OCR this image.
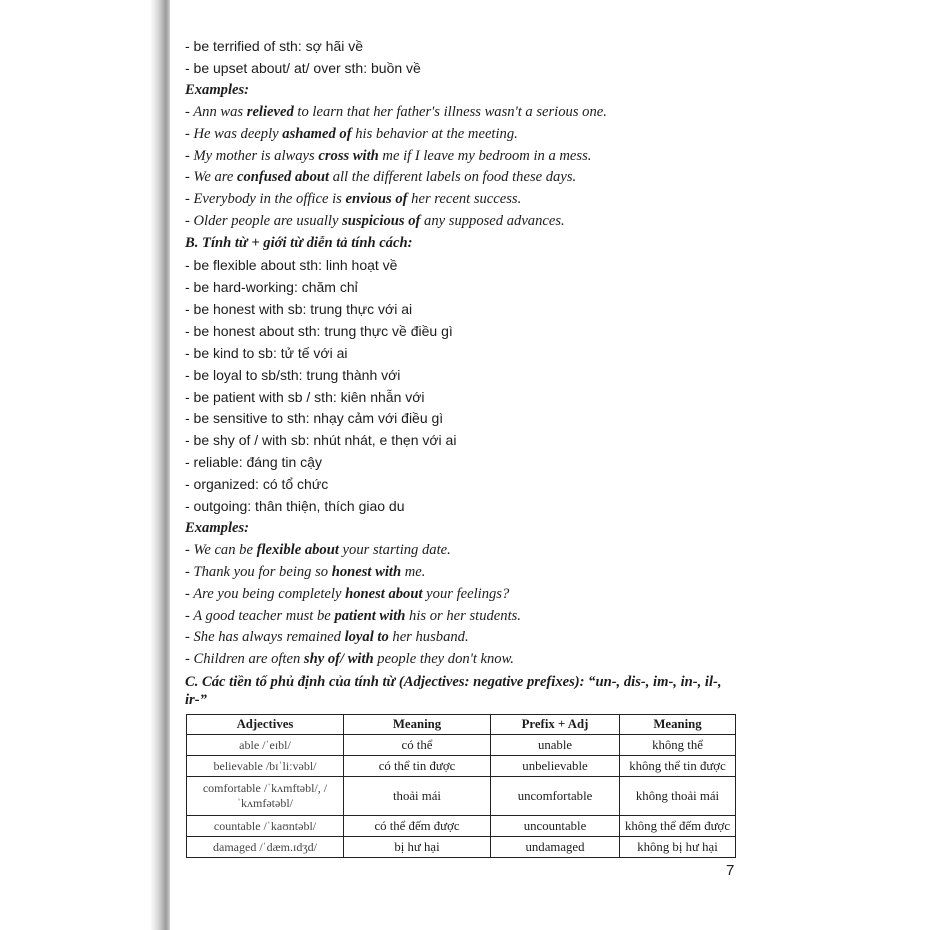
- be terrified of sth: sợ hãi về
- be upset about/ at/ over sth: buồn về
Examples:
- Ann was relieved to learn that her father's illness wasn't a serious one.
- He was deeply ashamed of his behavior at the meeting.
- My mother is always cross with me if I leave my bedroom in a mess.
- We are confused about all the different labels on food these days.
- Everybody in the office is envious of her recent success.
- Older people are usually suspicious of any supposed advances.
B. Tính từ + giới từ diễn tả tính cách:
- be flexible about sth: linh hoạt về
- be hard-working: chăm chỉ
- be honest with sb: trung thực với ai
- be honest about sth: trung thực về điều gì
- be kind to sb: tử tế với ai
- be loyal to sb/sth: trung thành với
- be patient with sb / sth: kiên nhẫn với
- be sensitive to sth: nhạy cảm với điều gì
- be shy of / with sb: nhút nhát, e thẹn với ai
- reliable: đáng tin cậy
- organized: có tổ chức
- outgoing: thân thiện, thích giao du
Examples:
- We can be flexible about your starting date.
- Thank you for being so honest with me.
- Are you being completely honest about your feelings?
- A good teacher must be patient with his or her students.
- She has always remained loyal to her husband.
- Children are often shy of/ with people they don't know.
C. Các tiền tố phủ định của tính từ (Adjectives: negative prefixes): “un-, dis-, im-, in-, il-, ir-”
Adjectives	Meaning	Prefix + Adj	Meaning
able /ˈeɪbl/	có thể	unable	không thể
believable /bɪˈliːvəbl/	có thể tin được	unbelievable	không thể tin được
comfortable /ˈkʌmftəbl/, /ˈkʌmfətəbl/	thoải mái	uncomfortable	không thoải mái
countable /ˈkaʊntəbl/	có thể đếm được	uncountable	không thể đếm được
damaged /ˈdæm.ɪdʒd/	bị hư hại	undamaged	không bị hư hại
7
